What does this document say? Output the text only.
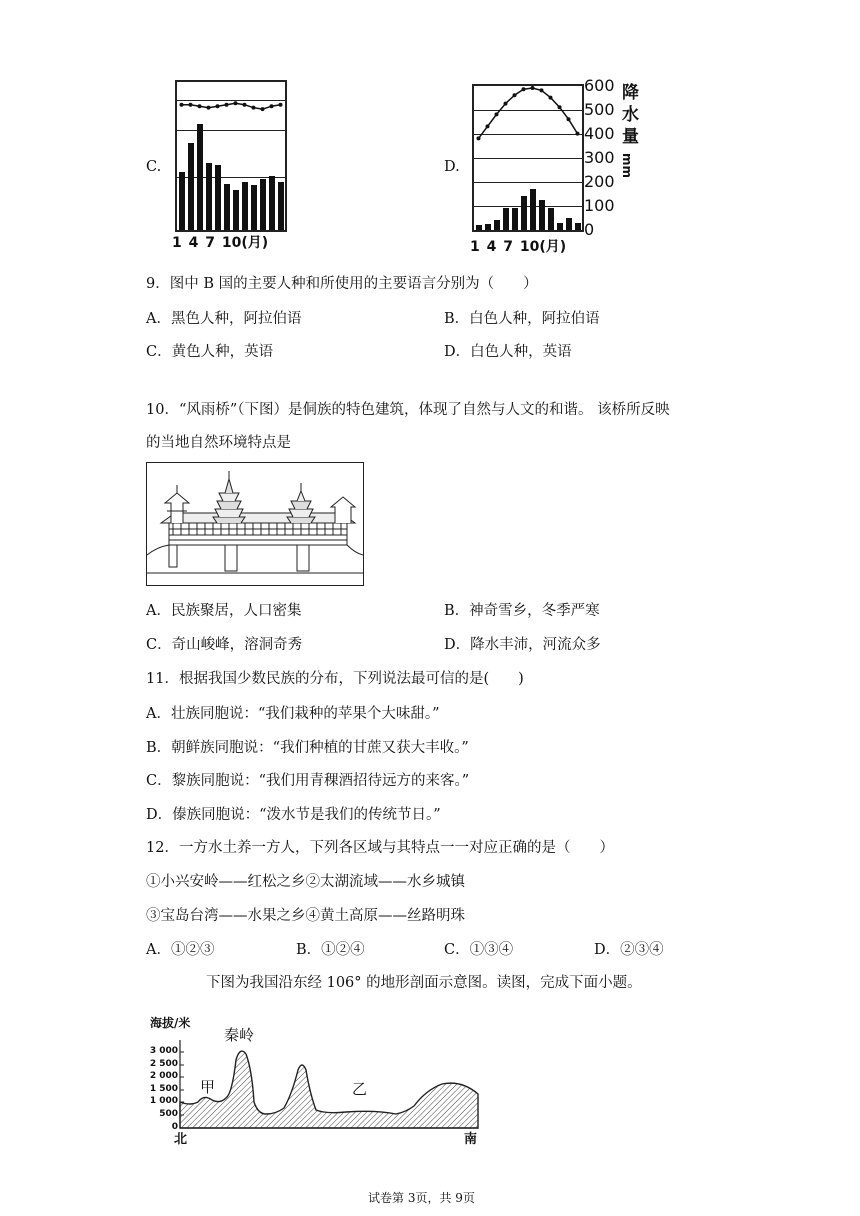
C.
1 4 7 10(月)
D.
600
500
400
300
200
100
0
降
水
量
mm
1 4 7 10(月)
9．图中 B 国的主要人种和所使用的主要语言分别为（　　）
A．黑色人种，阿拉伯语	B．白色人种，阿拉伯语
C．黄色人种，英语	D．白色人种，英语
10．“风雨桥”（下图）是侗族的特色建筑，体现了自然与人文的和谐。 该桥所反映
的当地自然环境特点是
A．民族聚居，人口密集	B．神奇雪乡，冬季严寒
C．奇山峻峰，溶洞奇秀	D．降水丰沛，河流众多
11．根据我国少数民族的分布，下列说法最可信的是(　　)
A．壮族同胞说：“我们栽种的苹果个大味甜。”
B．朝鲜族同胞说：“我们种植的甘蔗又获大丰收。”
C．黎族同胞说：“我们用青稞酒招待远方的来客。”
D．傣族同胞说：“泼水节是我们的传统节日。”
12．一方水土养一方人，下列各区域与其特点一一对应正确的是（　　）
①小兴安岭——红松之乡②太湖流域——水乡城镇
③宝岛台湾——水果之乡④黄土高原——丝路明珠
A．①②③	B．①②④	C．①③④	D．②③④
下图为我国沿东经 106° 的地形剖面示意图。读图，完成下面小题。
海拔/米
3 000
2 500
2 000
1 500
1 000
500
0
秦岭
甲	乙
北	南
试卷第 3页，共 9页
